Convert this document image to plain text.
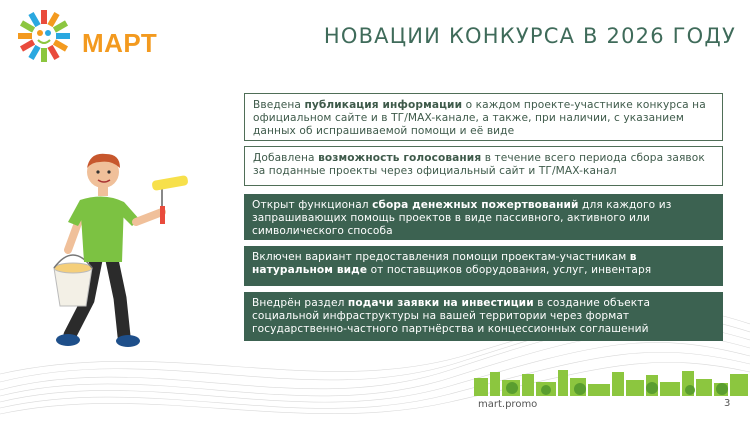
МАРТ	НОВАЦИИ КОНКУРСА В 2026 ГОДУ
Введена публикация информации о каждом проекте-участнике конкурса на официальном сайте и в ТГ/MAX-канале, а также, при наличии, с указанием данных об испрашиваемой помощи и её виде
Добавлена возможность голосования в течение всего периода сбора заявок за поданные проекты через официальный сайт и ТГ/MAX-канал
Открыт функционал сбора денежных пожертвований для каждого из запрашивающих помощь проектов в виде пассивного, активного или символического способа
Включен вариант предоставления помощи проектам-участникам в натуральном виде от поставщиков оборудования, услуг, инвентаря
Внедрён раздел подачи заявки на инвестиции в создание объекта социальной инфраструктуры на вашей территории через формат государственно-частного партнёрства и концессионных соглашений
mart.promo	3
